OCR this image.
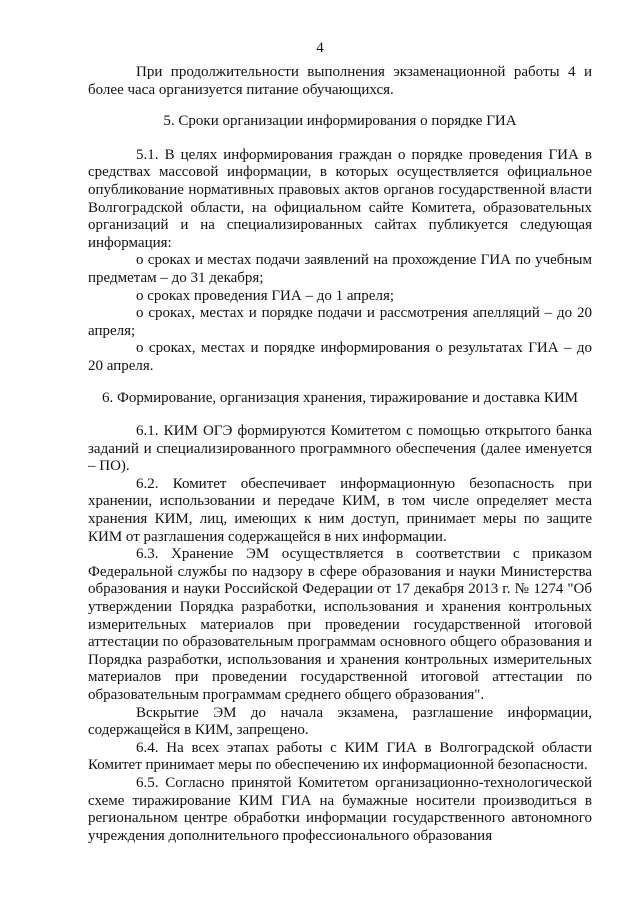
4

При продолжительности выполнения экзаменационной работы 4 и более часа организуется питание обучающихся.

5. Сроки организации информирования о порядке ГИА

5.1. В целях информирования граждан о порядке проведения ГИА в средствах массовой информации, в которых осуществляется официальное опубликование нормативных правовых актов органов государственной власти Волгоградской области, на официальном сайте Комитета, образовательных организаций и на специализированных сайтах публикуется следующая информация:

о сроках и местах подачи заявлений на прохождение ГИА по учебным предметам – до 31 декабря;

о сроках проведения ГИА – до 1 апреля;

о сроках, местах и порядке подачи и рассмотрения апелляций – до 20 апреля;

о сроках, местах и порядке информирования о результатах ГИА – до 20 апреля.

6. Формирование, организация хранения, тиражирование и доставка КИМ

6.1. КИМ ОГЭ формируются Комитетом с помощью открытого банка заданий и специализированного программного обеспечения (далее именуется – ПО).

6.2. Комитет обеспечивает информационную безопасность при хранении, использовании и передаче КИМ, в том числе определяет места хранения КИМ, лиц, имеющих к ним доступ, принимает меры по защите КИМ от разглашения содержащейся в них информации.

6.3. Хранение ЭМ осуществляется в соответствии с приказом Федеральной службы по надзору в сфере образования и науки Министерства образования и науки Российской Федерации от 17 декабря 2013 г. № 1274 "Об утверждении Порядка разработки, использования и хранения контрольных измерительных материалов при проведении государственной итоговой аттестации по образовательным программам основного общего образования и Порядка разработки, использования и хранения контрольных измерительных материалов при проведении государственной итоговой аттестации по образовательным программам среднего общего образования".

Вскрытие ЭМ до начала экзамена, разглашение информации, содержащейся в КИМ, запрещено.

6.4. На всех этапах работы с КИМ ГИА в Волгоградской области Комитет принимает меры по обеспечению их информационной безопасности.

6.5. Согласно принятой Комитетом организационно-технологической схеме тиражирование КИМ ГИА на бумажные носители производиться в региональном центре обработки информации государственного автономного учреждения дополнительного профессионального образования
